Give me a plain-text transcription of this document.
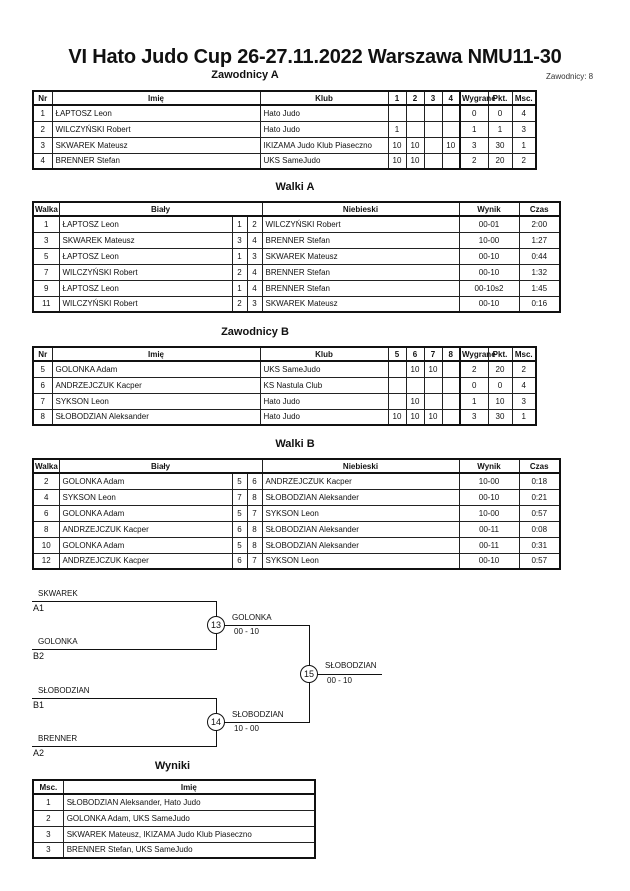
VI Hato Judo Cup 26-27.11.2022 Warszawa NMU11-30
Zawodnicy A	Zawodnicy: 8
Nr	Imię	Klub	1	2	3	4	Wygrane	Pkt.	Msc.
1	ŁAPTOSZ Leon	Hato Judo					0	0	4
2	WILCZYŃSKI Robert	Hato Judo	1				1	1	3
3	SKWAREK Mateusz	IKIZAMA Judo Klub Piaseczno	10	10		10	3	30	1
4	BRENNER Stefan	UKS SameJudo	10	10			2	20	2
Walki A
Walka	Biały			Niebieski	Wynik	Czas
1	ŁAPTOSZ Leon	1	2	WILCZYŃSKI Robert	00-01	2:00
3	SKWAREK Mateusz	3	4	BRENNER Stefan	10-00	1:27
5	ŁAPTOSZ Leon	1	3	SKWAREK Mateusz	00-10	0:44
7	WILCZYŃSKI Robert	2	4	BRENNER Stefan	00-10	1:32
9	ŁAPTOSZ Leon	1	4	BRENNER Stefan	00-10s2	1:45
11	WILCZYŃSKI Robert	2	3	SKWAREK Mateusz	00-10	0:16
Zawodnicy B
Nr	Imię	Klub	5	6	7	8	Wygrane	Pkt.	Msc.
5	GOLONKA Adam	UKS SameJudo		10	10		2	20	2
6	ANDRZEJCZUK Kacper	KS Nastula Club					0	0	4
7	SYKSON Leon	Hato Judo		10			1	10	3
8	SŁOBODZIAN Aleksander	Hato Judo	10	10	10		3	30	1
Walki B
Walka	Biały			Niebieski	Wynik	Czas
2	GOLONKA Adam	5	6	ANDRZEJCZUK Kacper	10-00	0:18
4	SYKSON Leon	7	8	SŁOBODZIAN Aleksander	00-10	0:21
6	GOLONKA Adam	5	7	SYKSON Leon	10-00	0:57
8	ANDRZEJCZUK Kacper	6	8	SŁOBODZIAN Aleksander	00-11	0:08
10	GOLONKA Adam	5	8	SŁOBODZIAN Aleksander	00-11	0:31
12	ANDRZEJCZUK Kacper	6	7	SYKSON Leon	00-10	0:57
SKWAREK
A1
GOLONKA
B2
13
GOLONKA
00 - 10
SŁOBODZIAN
B1
BRENNER
A2
14
SŁOBODZIAN
10 - 00
15
SŁOBODZIAN
00 - 10
Wyniki
Msc.	Imię
1	SŁOBODZIAN Aleksander, Hato Judo
2	GOLONKA Adam, UKS SameJudo
3	SKWAREK Mateusz, IKIZAMA Judo Klub Piaseczno
3	BRENNER Stefan, UKS SameJudo
